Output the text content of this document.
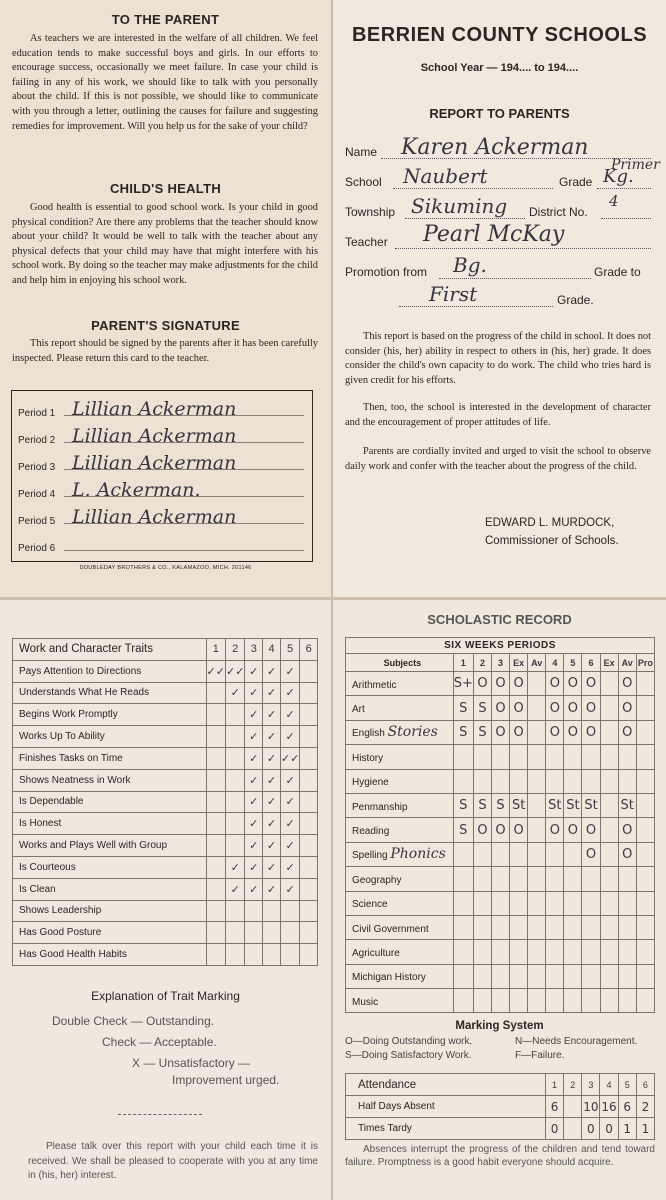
TO THE PARENT
As teachers we are interested in the welfare of all children. We feel education tends to make successful boys and girls. In our efforts to encourage success, occasionally we meet failure. In case your child is failing in any of his work, we should like to talk with you personally about the child. If this is not possible, we should like to communicate with you through a letter, outlining the causes for failure and suggesting remedies for improvement. Will you help us for the sake of your child?
CHILD'S HEALTH
Good health is essential to good school work. Is your child in good physical condition? Are there any problems that the teacher should know about your child? It would be well to talk with the teacher about any physical defects that your child may have that might interfere with his school work. By doing so the teacher may make adjustments for the child and help him in enjoying his school work.
PARENT'S SIGNATURE
This report should be signed by the parents after it has been carefully inspected. Please return this card to the teacher.
Period 1 Lillian Ackerman
Period 2 Lillian Ackerman
Period 3 Lillian Ackerman
Period 4 L. Ackerman.
Period 5 Lillian Ackerman
Period 6
DOUBLEDAY BROTHERS & CO., KALAMAZOO, MICH. 201146
BERRIEN COUNTY SCHOOLS
School Year — 194.... to 194....
REPORT TO PARENTS
Name Karen Ackerman
School Naubert	Grade Kg.
Primer
Township Sikuming District No.
4
Teacher Pearl McKay
Promotion from Bg.	Grade to
First	Grade.
This report is based on the progress of the child in school. It does not consider (his, her) ability in respect to others in (his, her) grade. It does consider the child's own capacity to do work. The child who tries hard is given credit for his efforts.
Then, too, the school is interested in the development of character and the encouragement of proper attitudes of life.
Parents are cordially invited and urged to visit the school to observe daily work and confer with the teacher about the progress of the child.
EDWARD L. MURDOCK,
Commissioner of Schools.
Work and Character Traits	1	2	3	4	5	6
Pays Attention to Directions	✓✓	✓✓	✓	✓	✓	
Understands What He Reads		✓	✓	✓	✓	
Begins Work Promptly			✓	✓	✓	
Works Up To Ability			✓	✓	✓	
Finishes Tasks on Time			✓	✓	✓✓	
Shows Neatness in Work			✓	✓	✓	
Is Dependable			✓	✓	✓	
Is Honest			✓	✓	✓	
Works and Plays Well with Group			✓	✓	✓	
Is Courteous		✓	✓	✓	✓	
Is Clean		✓	✓	✓	✓	
Shows Leadership						
Has Good Posture						
Has Good Health Habits						
Explanation of Trait Marking
Double Check — Outstanding.
Check — Acceptable.
X — Unsatisfactory —
Improvement urged.
Please talk over this report with your child each time it is received. We shall be pleased to cooperate with you at any time in (his, her) interest.
SCHOLASTIC RECORD
SIX WEEKS PERIODS											
Subjects	1	2	3	Ex	Av	4	5	6	Ex	Av	Pro
Arithmetic	S+	O	O	O		O	O	O		O	
Art	S	S	O	O		O	O	O		O	
English Stories	S	S	O	O		O	O	O		O	
History											
Hygiene											
Penmanship	S	S	S	St		St	St	St		St	
Reading	S	O	O	O		O	O	O		O	
Spelling Phonics								O		O	
Geography											
Science											
Civil Government											
Agriculture											
Michigan History											
Music											
Marking System
O—Doing Outstanding work.	N—Needs Encouragement.
S—Doing Satisfactory Work.	F—Failure.
Attendance	1	2	3	4	5	6
Half Days Absent	6		10	16	6	2
Times Tardy	0		0	0	1	1
Absences interrupt the progress of the children and tend toward failure. Promptness is a good habit everyone should acquire.
